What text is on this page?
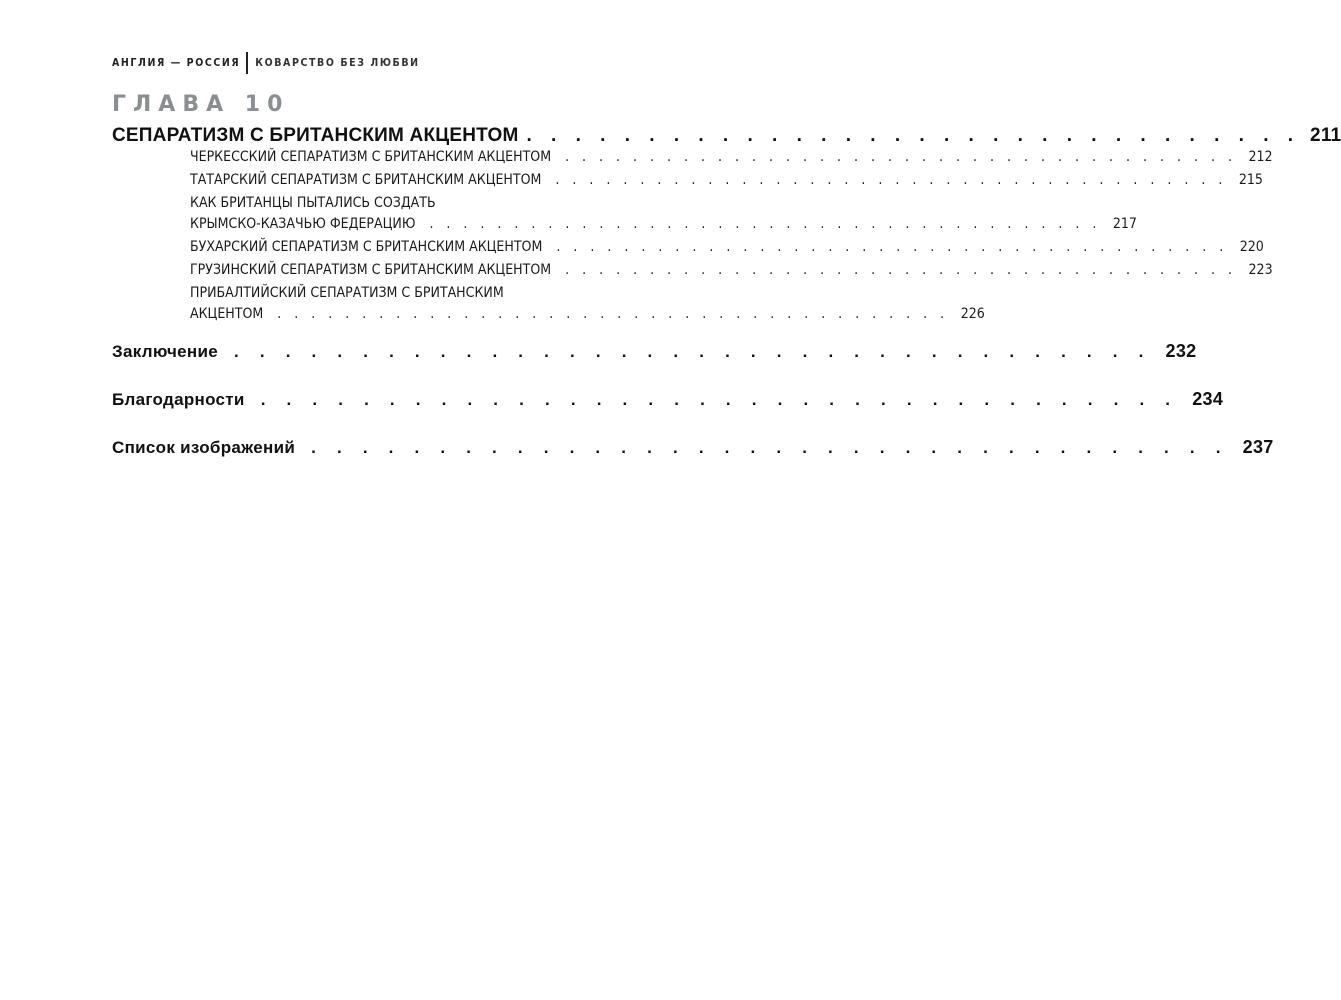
АНГЛИЯ — РОССИЯ КОВАРСТВО БЕЗ ЛЮБВИ
ГЛАВА 10
СЕПАРАТИЗМ С БРИТАНСКИМ АКЦЕНТОМ . . . . . . . . . . . . . . . . . . . . . . . . . . . . . . . . 211
ЧЕРКЕССКИЙ СЕПАРАТИЗМ С БРИТАНСКИМ АКЦЕНТОМ . . . . . . . . . . . . . . . . . . . . . . . . . . . . . . . . . . . . . . . . 212
ТАТАРСКИЙ СЕПАРАТИЗМ С БРИТАНСКИМ АКЦЕНТОМ . . . . . . . . . . . . . . . . . . . . . . . . . . . . . . . . . . . . . . . . 215
КАК БРИТАНЦЫ ПЫТАЛИСЬ СОЗДАТЬ
КРЫМСКО-КАЗАЧЬЮ ФЕДЕРАЦИЮ . . . . . . . . . . . . . . . . . . . . . . . . . . . . . . . . . . . . . . . . 217
БУХАРСКИЙ СЕПАРАТИЗМ С БРИТАНСКИМ АКЦЕНТОМ . . . . . . . . . . . . . . . . . . . . . . . . . . . . . . . . . . . . . . . . 220
ГРУЗИНСКИЙ СЕПАРАТИЗМ С БРИТАНСКИМ АКЦЕНТОМ . . . . . . . . . . . . . . . . . . . . . . . . . . . . . . . . . . . . . . . . 223
ПРИБАЛТИЙСКИЙ СЕПАРАТИЗМ С БРИТАНСКИМ
АКЦЕНТОМ . . . . . . . . . . . . . . . . . . . . . . . . . . . . . . . . . . . . . . . . 226
Заключение . . . . . . . . . . . . . . . . . . . . . . . . . . . . . . . . . . . . 232
Благодарности . . . . . . . . . . . . . . . . . . . . . . . . . . . . . . . . . . . . 234
Список изображений . . . . . . . . . . . . . . . . . . . . . . . . . . . . . . . . . . . . 237
